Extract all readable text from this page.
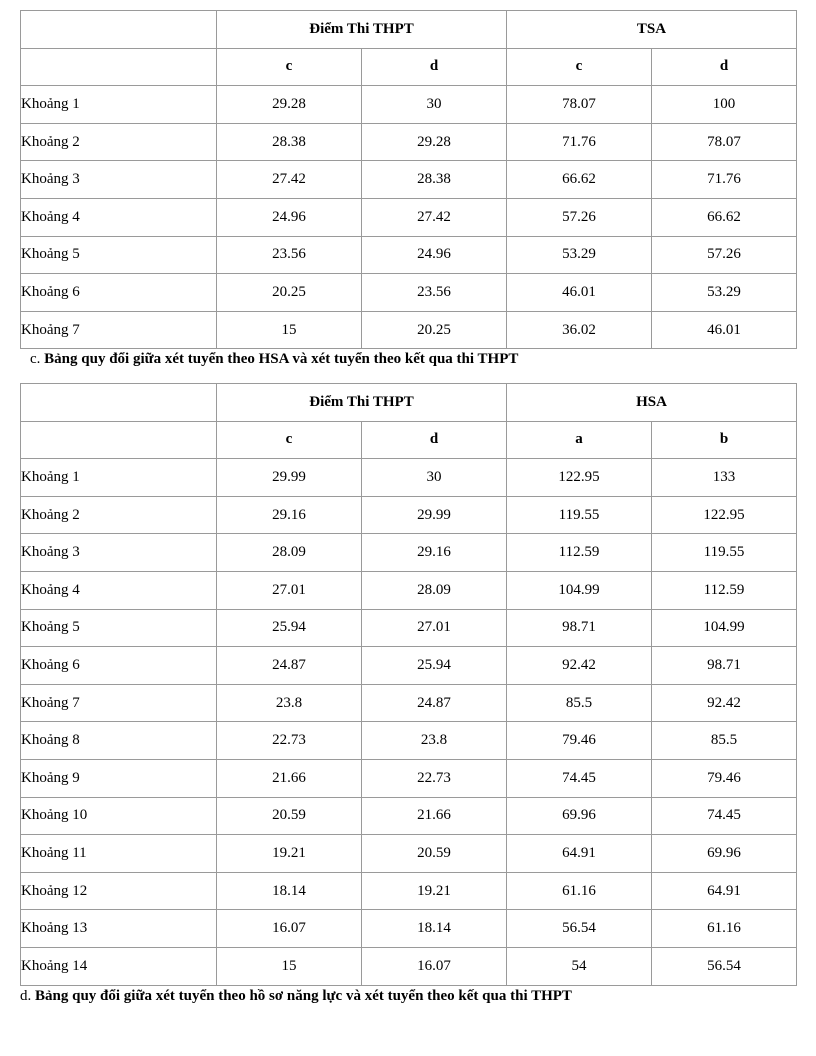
	Điểm Thi THPT		TSA	
	c	d	c	d
Khoảng 1	29.28	30	78.07	100
Khoảng 2	28.38	29.28	71.76	78.07
Khoảng 3	27.42	28.38	66.62	71.76
Khoảng 4	24.96	27.42	57.26	66.62
Khoảng 5	23.56	24.96	53.29	57.26
Khoảng 6	20.25	23.56	46.01	53.29
Khoảng 7	15	20.25	36.02	46.01
c. Bảng quy đổi giữa xét tuyển theo HSA và xét tuyển theo kết qua thi THPT
	Điểm Thi THPT		HSA	
	c	d	a	b
Khoảng 1	29.99	30	122.95	133
Khoảng 2	29.16	29.99	119.55	122.95
Khoảng 3	28.09	29.16	112.59	119.55
Khoảng 4	27.01	28.09	104.99	112.59
Khoảng 5	25.94	27.01	98.71	104.99
Khoảng 6	24.87	25.94	92.42	98.71
Khoảng 7	23.8	24.87	85.5	92.42
Khoảng 8	22.73	23.8	79.46	85.5
Khoảng 9	21.66	22.73	74.45	79.46
Khoảng 10	20.59	21.66	69.96	74.45
Khoảng 11	19.21	20.59	64.91	69.96
Khoảng 12	18.14	19.21	61.16	64.91
Khoảng 13	16.07	18.14	56.54	61.16
Khoảng 14	15	16.07	54	56.54
d. Bảng quy đổi giữa xét tuyển theo hồ sơ năng lực và xét tuyển theo kết qua thi THPT
